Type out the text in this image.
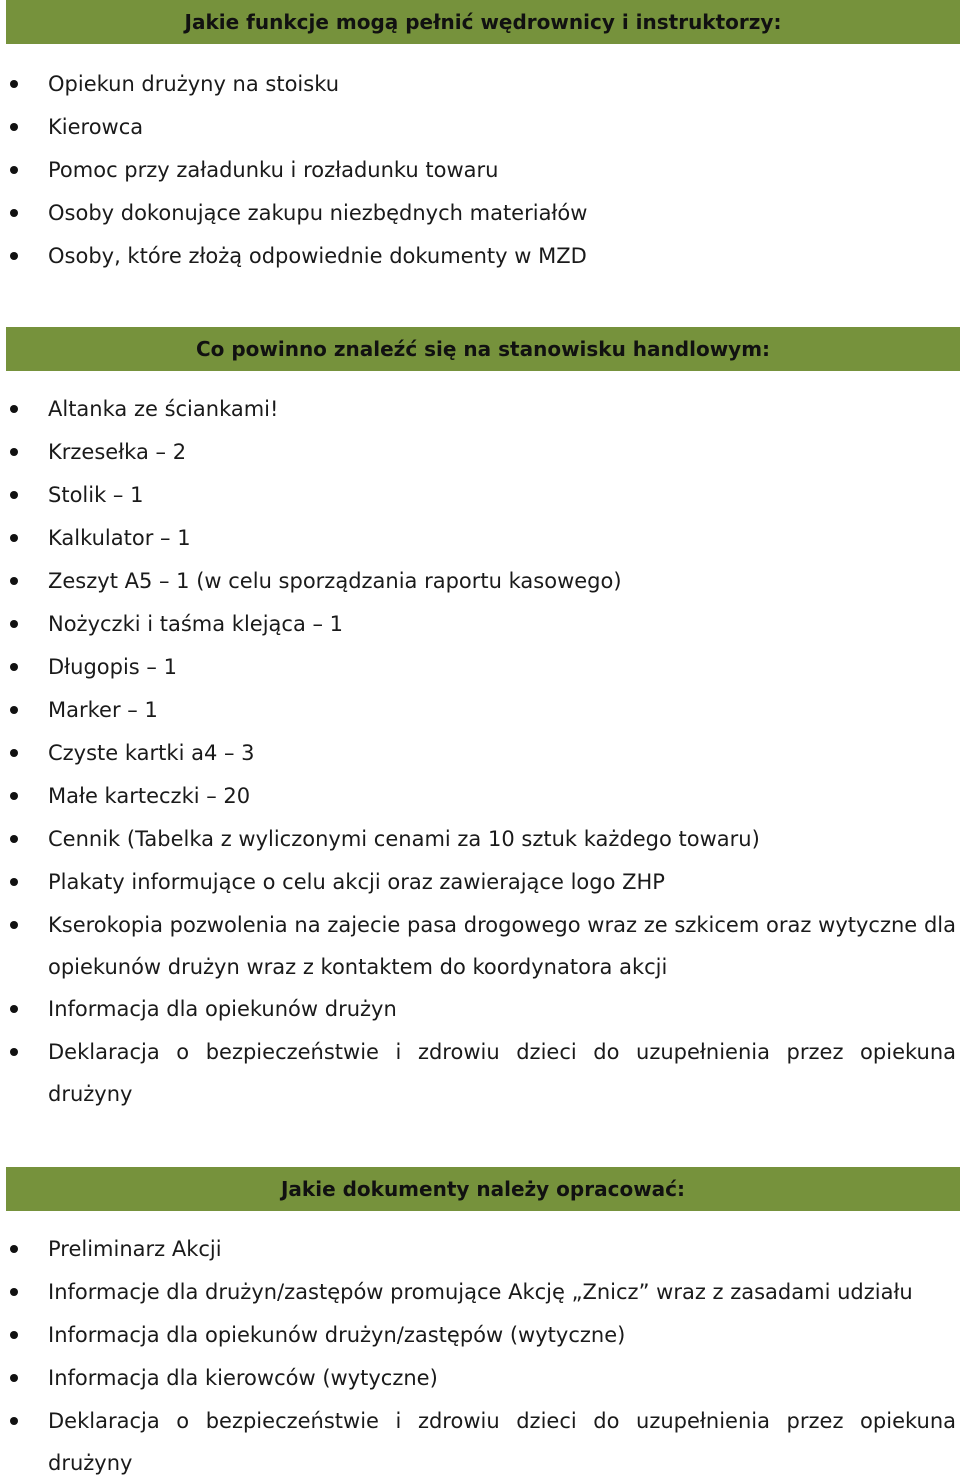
Jakie funkcje mogą pełnić wędrownicy i instruktorzy:
Opiekun drużyny na stoisku
Kierowca
Pomoc przy załadunku i rozładunku towaru
Osoby dokonujące zakupu niezbędnych materiałów
Osoby, które złożą odpowiednie dokumenty w MZD
Co powinno znaleźć się na stanowisku handlowym:
Altanka ze ściankami!
Krzesełka – 2
Stolik – 1
Kalkulator – 1
Zeszyt A5 – 1 (w celu sporządzania raportu kasowego)
Nożyczki i taśma klejąca – 1
Długopis – 1
Marker – 1
Czyste kartki a4 – 3
Małe karteczki – 20
Cennik (Tabelka z wyliczonymi cenami za 10 sztuk każdego towaru)
Plakaty informujące o celu akcji oraz zawierające logo ZHP
Kserokopia pozwolenia na zajecie pasa drogowego wraz ze szkicem oraz wytyczne dla opiekunów drużyn wraz z kontaktem do koordynatora akcji
Informacja dla opiekunów drużyn
Deklaracja o bezpieczeństwie i zdrowiu dzieci do uzupełnienia przez opiekuna drużyny
Jakie dokumenty należy opracować:
Preliminarz Akcji
Informacje dla drużyn/zastępów promujące Akcję „Znicz” wraz z zasadami udziału
Informacja dla opiekunów drużyn/zastępów (wytyczne)
Informacja dla kierowców (wytyczne)
Deklaracja o bezpieczeństwie i zdrowiu dzieci do uzupełnienia przez opiekuna drużyny
